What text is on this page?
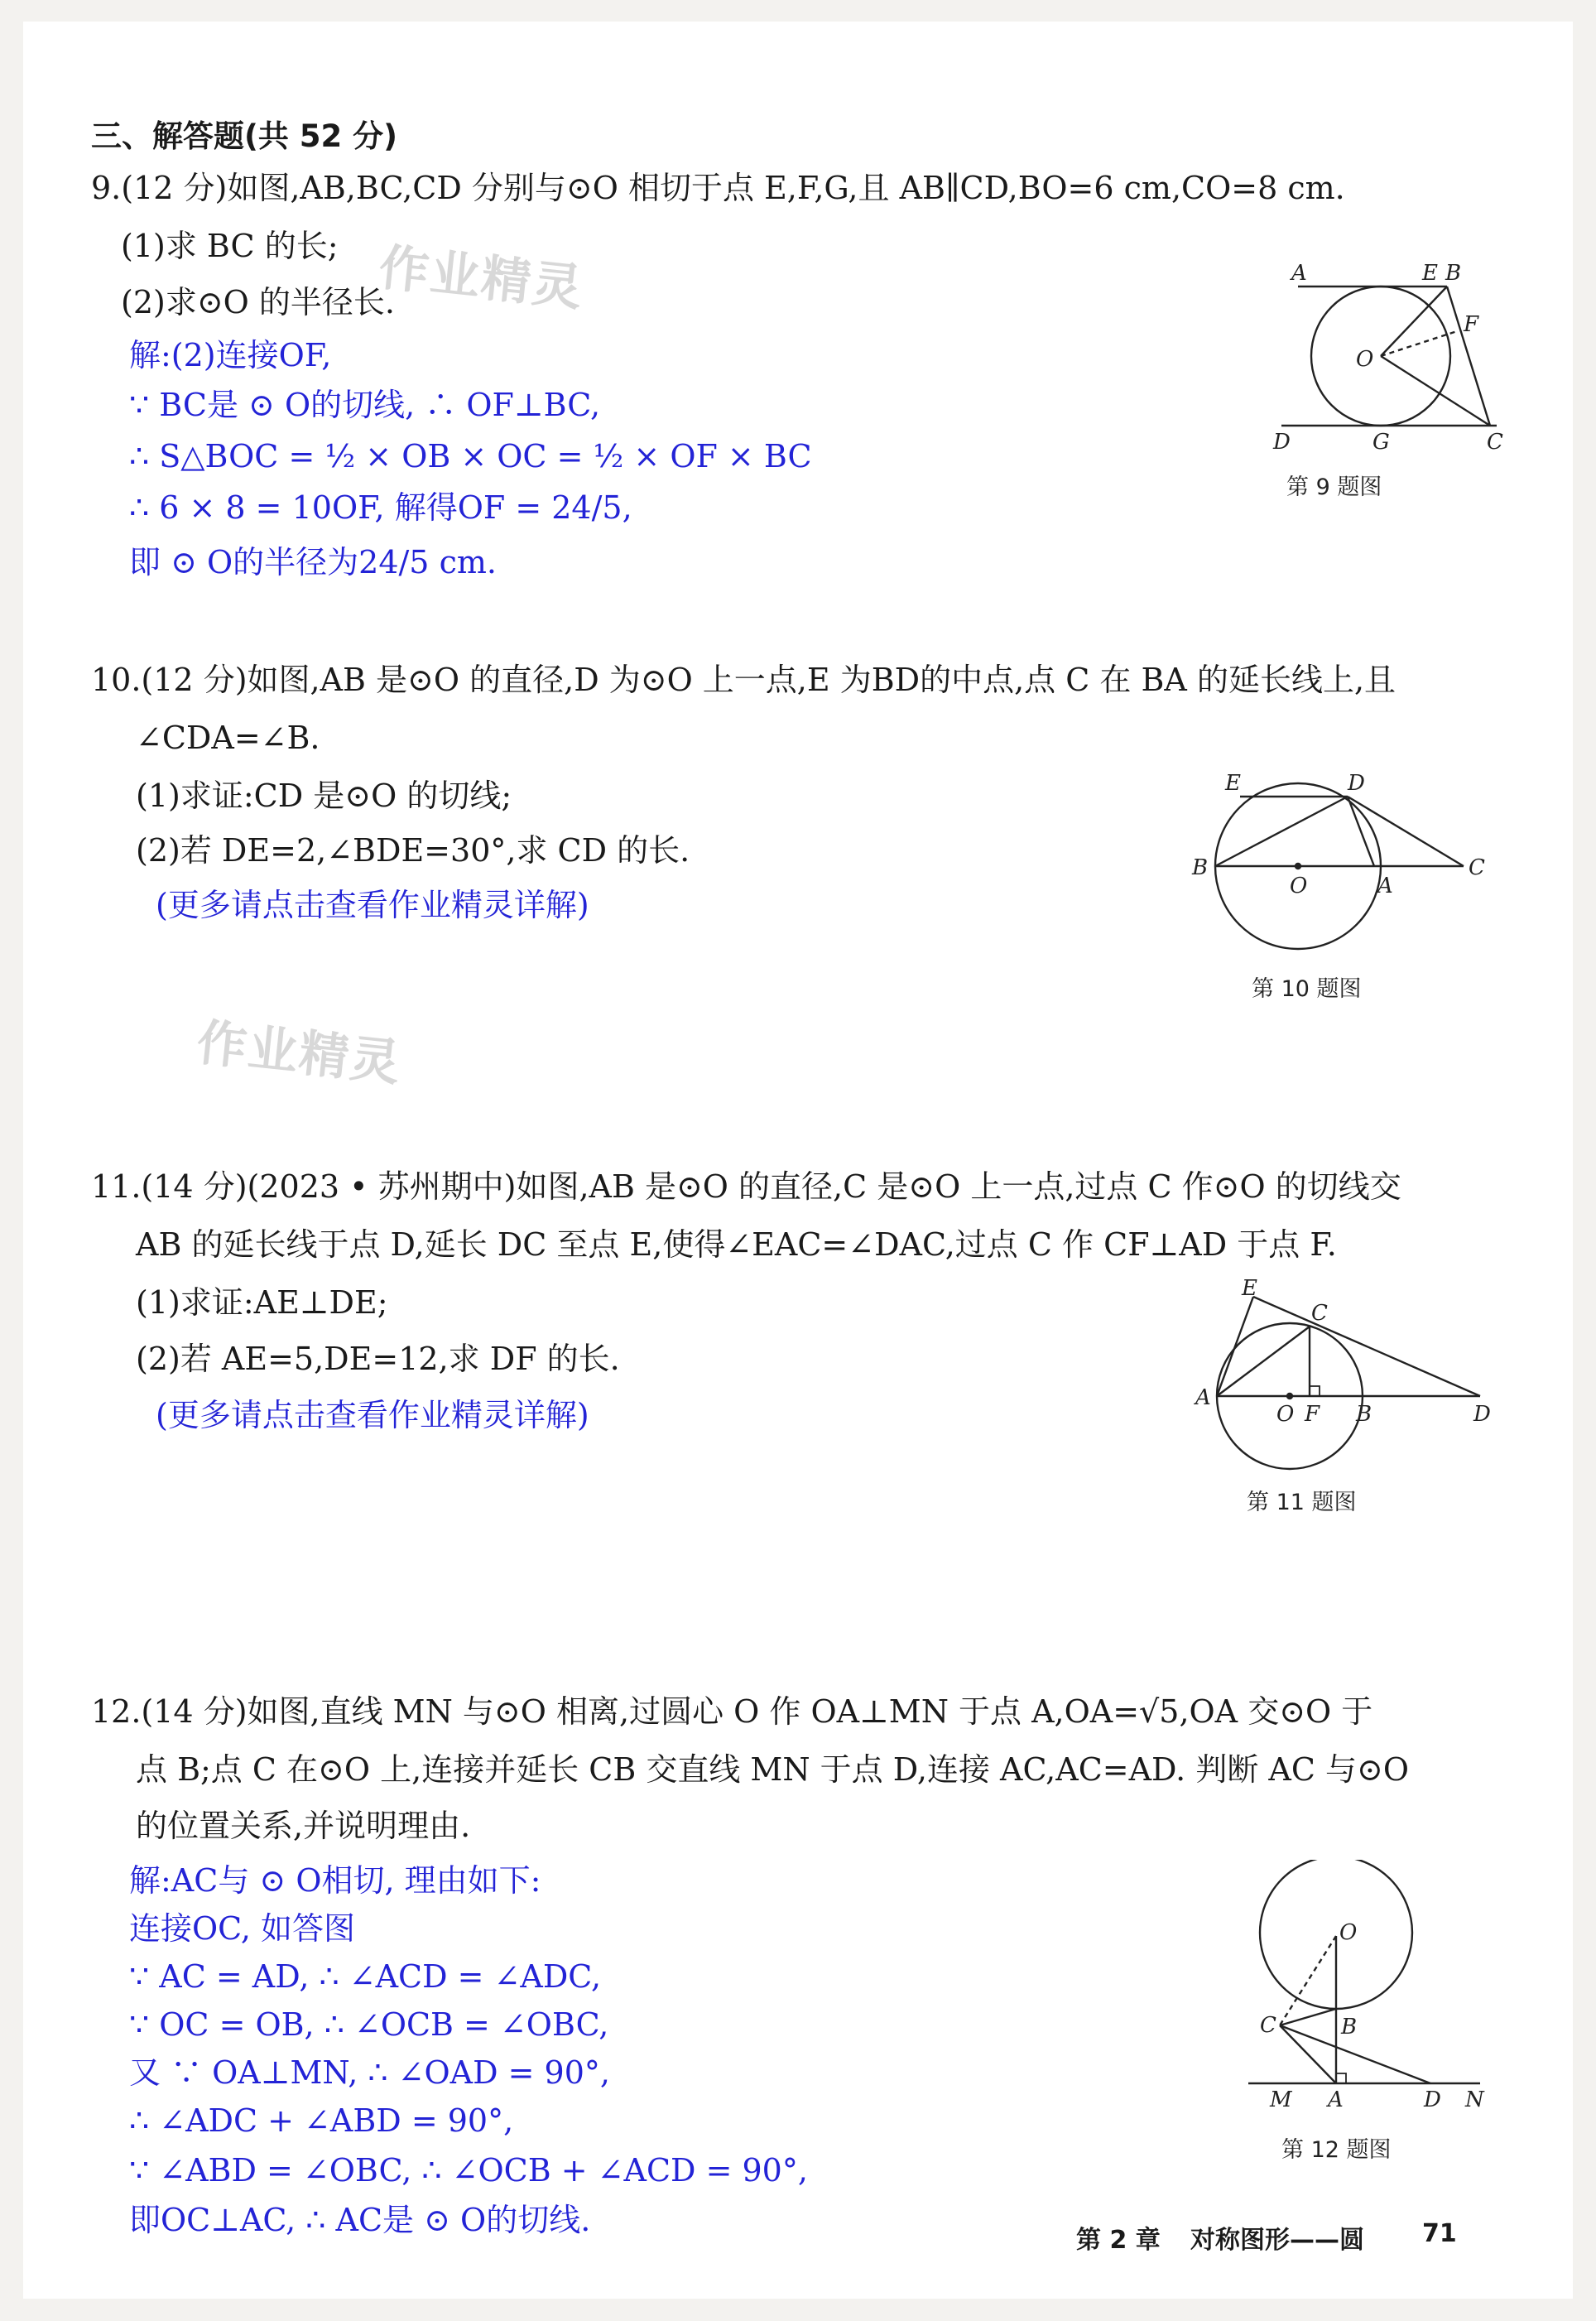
三、解答题(共 52 分)
9.(12 分)如图,AB,BC,CD 分别与⊙O 相切于点 E,F,G,且 AB∥CD,BO=6 cm,CO=8 cm.
(1)求 BC 的长;
(2)求⊙O 的半径长.
作业精灵
解:(2)连接OF,
∵ BC是 ⊙ O的切线, ∴ OF⊥BC,
∴ S△BOC = ½ × OB × OC = ½ × OF × BC
∴ 6 × 8 = 10OF, 解得OF = 24/5,
即 ⊙ O的半径为24/5 cm.
A	E B
F
O
D	G	C
第 9 题图
10.(12 分)如图,AB 是⊙O 的直径,D 为⊙O 上一点,E 为BD的中点,点 C 在 BA 的延长线上,且
∠CDA=∠B.
(1)求证:CD 是⊙O 的切线;
(2)若 DE=2,∠BDE=30°,求 CD 的长.
(更多请点击查看作业精灵详解)
作业精灵
E	D
B
O	A
C
第 10 题图
11.(14 分)(2023 • 苏州期中)如图,AB 是⊙O 的直径,C 是⊙O 上一点,过点 C 作⊙O 的切线交
AB 的延长线于点 D,延长 DC 至点 E,使得∠EAC=∠DAC,过点 C 作 CF⊥AD 于点 F.
(1)求证:AE⊥DE;
(2)若 AE=5,DE=12,求 DF 的长.
(更多请点击查看作业精灵详解)
E
C
A
O F B	D
第 11 题图
12.(14 分)如图,直线 MN 与⊙O 相离,过圆心 O 作 OA⊥MN 于点 A,OA=√5,OA 交⊙O 于
点 B;点 C 在⊙O 上,连接并延长 CB 交直线 MN 于点 D,连接 AC,AC=AD. 判断 AC 与⊙O
的位置关系,并说明理由.
解:AC与 ⊙ O相切, 理由如下:
连接OC, 如答图
∵ AC = AD, ∴ ∠ACD = ∠ADC,
∵ OC = OB, ∴ ∠OCB = ∠OBC,
又 ∵ OA⊥MN, ∴ ∠OAD = 90°,
∴ ∠ADC + ∠ABD = 90°,
∵ ∠ABD = ∠OBC, ∴ ∠OCB + ∠ACD = 90°,
即OC⊥AC, ∴ AC是 ⊙ O的切线.
O
C	B
M A	D N
第 12 题图
第 2 章 对称图形——圆 71
